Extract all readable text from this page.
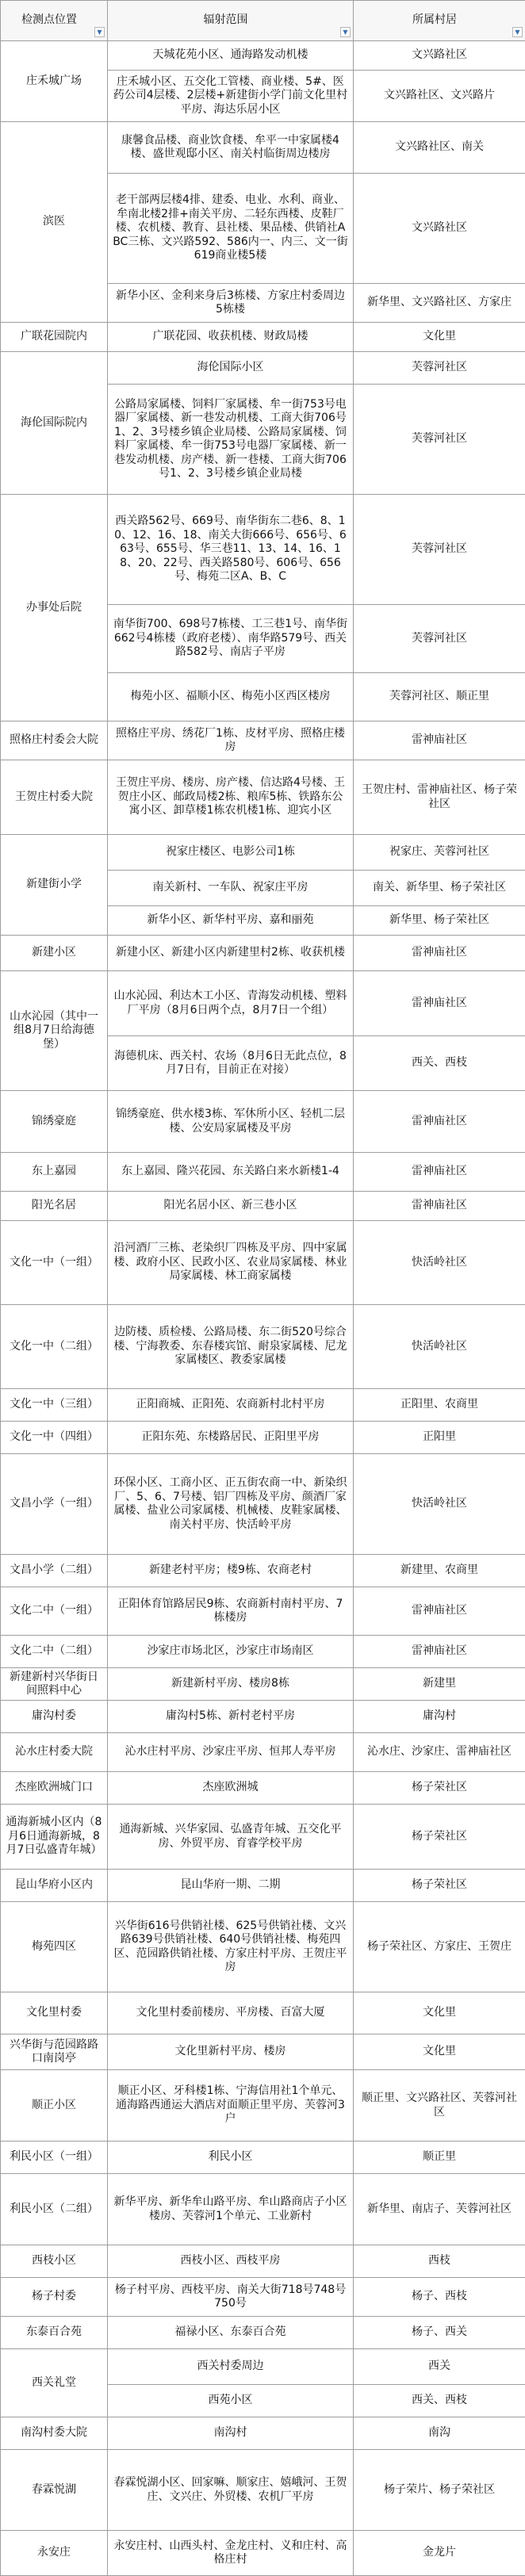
检测点位置
▼	辐射范围
▼	所属村居
▼

庄禾城广场	天城花苑小区、通海路发动机楼	文兴路社区
	庄禾城小区、五交化工管楼、商业楼、5#、医药公司4层楼、2层楼+新建街小学门前文化里村平房、海达乐居小区	文兴路社区、文兴路片
滨医	康馨食品楼、商业饮食楼、牟平一中家属楼4楼、盛世观邸小区、南关村临街周边楼房	文兴路社区、南关
	老干部两层楼4排、建委、电业、水利、商业、牟南北楼2排+南关平房、二轻东西楼、皮鞋厂楼、农机楼、教育、县社楼、果品楼、供销社ABC三栋、文兴路592、586内一、内三、文一街619商业楼5楼	文兴路社区
	新华小区、金利来身后3栋楼、方家庄村委周边5栋楼	新华里、文兴路社区、方家庄
广联花园院内	广联花园、收获机楼、财政局楼	文化里
海伦国际院内	海伦国际小区	芙蓉河社区
	公路局家属楼、饲料厂家属楼、牟一街753号电器厂家属楼、新一巷发动机楼、工商大街706号1、2、3号楼乡镇企业局楼、公路局家属楼、饲料厂家属楼、牟一街753号电器厂家属楼、新一巷发动机楼、房产楼、新一巷楼、工商大街706号1、2、3号楼乡镇企业局楼	芙蓉河社区
办事处后院	西关路562号、669号、南华街东二巷6、8、10、12、16、18、南关大街666号、656号、663号、655号、华三巷11、13、14、16、18、20、22号、西关路580号、606号、656号、梅苑二区A、B、C	芙蓉河社区
	南华街700、698号7栋楼、工三巷1号、南华街662号4栋楼（政府老楼）、南华路579号、西关路582号、南店子平房	芙蓉河社区
	梅苑小区、福顺小区、梅苑小区西区楼房	芙蓉河社区、顺正里
照格庄村委会大院	照格庄平房、绣花厂1栋、皮材平房、照格庄楼房	雷神庙社区
王贺庄村委大院	王贺庄平房、楼房、房产楼、信达路4号楼、王贺庄小区、邮政局楼2栋、粮库5栋、铁路东公寓小区、卸草楼1栋农机楼1栋、迎宾小区	王贺庄村、雷神庙社区、杨子荣社区
新建街小学	祝家庄楼区、电影公司1栋	祝家庄、芙蓉河社区
	南关新村、一车队、祝家庄平房	南关、新华里、杨子荣社区
	新华小区、新华村平房、嘉和丽苑	新华里、杨子荣社区
新建小区	新建小区、新建小区内新建里村2栋、收获机楼	雷神庙社区
山水沁园（其中一组8月7日给海德堡）	山水沁园、利达木工小区、青海发动机楼、塑料厂平房（8月6日两个点，8月7日一个组）	雷神庙社区
	海德机床、西关村、农场（8月6日无此点位，8月7日有，目前正在对接）	西关、西枝
锦绣豪庭	锦绣豪庭、供水楼3栋、军休所小区、轻机二层楼、公安局家属楼及平房	雷神庙社区
东上嘉园	东上嘉园、隆兴花园、东关路白来水新楼1-4	雷神庙社区
阳光名居	阳光名居小区、新三巷小区	雷神庙社区
文化一中（一组）	沿河酒厂三栋、老染织厂四栋及平房、四中家属楼、政府小区、民政小区、农业局家属楼、林业局家属楼、林工商家属楼	快活岭社区
文化一中（二组）	边防楼、质检楼、公路局楼、东二街520号综合楼、宁海教委、东春楼宾馆、耐泉家属楼、尼龙家属楼区、教委家属楼	快活岭社区
文化一中（三组）	正阳商城、正阳苑、农商新村北村平房	正阳里、农商里
文化一中（四组）	正阳东苑、东楼路居民、正阳里平房	正阳里
文昌小学（一组）	环保小区、工商小区、正五街农商一中、新染织厂、5、6、7号楼、铝厂四栋及平房、颜酒厂家属楼、盐业公司家属楼、机械楼、皮鞋家属楼、南关村平房、快活岭平房	快活岭社区
文昌小学（二组）	新建老村平房；楼9栋、农商老村	新建里、农商里
文化二中（一组）	正阳体育馆路居民9栋、农商新村南村平房、7栋楼房	雷神庙社区
文化二中（二组）	沙家庄市场北区，沙家庄市场南区	雷神庙社区
新建新村兴华街日间照料中心	新建新村平房、楼房8栋	新建里
庸沟村委	庸沟村5栋、新村老村平房	庸沟村
沁水庄村委大院	沁水庄村平房、沙家庄平房、恒邦人寿平房	沁水庄、沙家庄、雷神庙社区
杰座欧洲城门口	杰座欧洲城	杨子荣社区
通海新城小区内（8月6日通海新城，8月7日弘盛青年城）	通海新城、兴华家园、弘盛青年城、五交化平房、外贸平房、育睿学校平房	杨子荣社区
昆山华府小区内	昆山华府一期、二期	杨子荣社区
梅苑四区	兴华街616号供销社楼、625号供销社楼、文兴路639号供销社楼、640号供销社楼、梅苑四区、范园路供销社楼、方家庄村平房、王贺庄平房	杨子荣社区、方家庄、王贺庄
文化里村委	文化里村委前楼房、平房楼、百富大厦	文化里
兴华街与范园路路口南岗亭	文化里新村平房、楼房	文化里
顺正小区	顺正小区、牙科楼1栋、宁海信用社1个单元、通海路西通运大酒店对面顺正里平房、芙蓉河3户	顺正里、文兴路社区、芙蓉河社区
利民小区（一组）	利民小区	顺正里
利民小区（二组）	新华平房、新华牟山路平房、牟山路商店子小区楼房、芙蓉河1个单元、工业新村	新华里、南店子、芙蓉河社区
西枝小区	西枝小区、西枝平房	西枝
杨子村委	杨子村平房、西枝平房、南关大街718号748号750号	杨子、西枝
东泰百合苑	福禄小区、东泰百合苑	杨子、西关
西关礼堂	西关村委周边	西关
	西苑小区	西关、西枝
南沟村委大院	南沟村	南沟
春霖悦湖	春霖悦湖小区、回家嘛、顺家庄、嬉峨河、王贺庄、文兴庄、外贸楼、农机厂平房	杨子荣片、杨子荣社区
永安庄	永安庄村、山西头村、金龙庄村、义和庄村、高格庄村	金龙片
